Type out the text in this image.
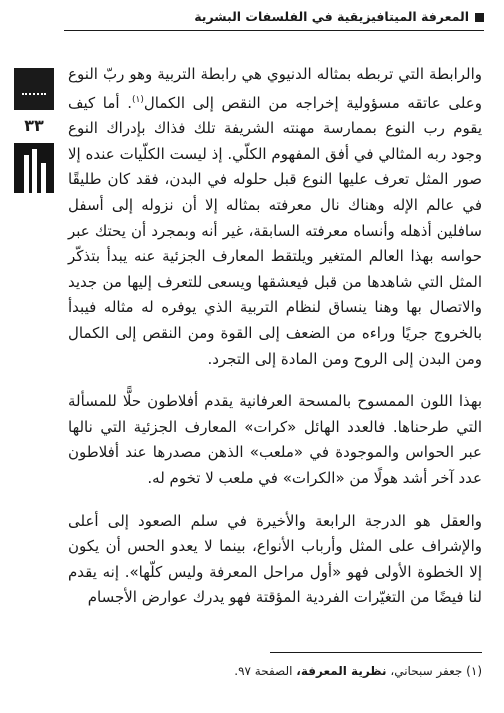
المعرفة الميتافيزيقية في الفلسفات البشرية
٣٣

والرابطة التي تربطه بمثاله الدنيوي هي رابطة التربية وهو ربّ النوع وعلى عاتقه مسؤولية إخراجه من النقص إلى الكمال$^{(١)}$. أما كيف يقوم رب النوع بممارسة مهنته الشريفة تلك فذاك بإدراك النوع وجود ربه المثالي في أفق المفهوم الكلّي. إذ ليست الكلّيات عنده إلا صور المثل تعرف عليها النوع قبل حلوله في البدن، فقد كان طليقًا في عالم الإله وهناك نال معرفته بمثاله إلا أن نزوله إلى أسفل سافلين أذهله وأنساه معرفته السابقة، غير أنه وبمجرد أن يحتك عبر حواسه بهذا العالم المتغير ويلتقط المعارف الجزئية عنه يبدأ بتذكّر المثل التي شاهدها من قبل فيعشقها ويسعى للتعرف إليها من جديد والاتصال بها وهنا ينساق لنظام التربية الذي يوفره له مثاله فيبدأ بالخروج جريًا وراءه من الضعف إلى القوة ومن النقص إلى الكمال ومن البدن إلى الروح ومن المادة إلى التجرد.

بهذا اللون الممسوح بالمسحة العرفانية يقدم أفلاطون حلًّا للمسألة التي طرحناها. فالعدد الهائل «كرات» المعارف الجزئية التي نالها عبر الحواس والموجودة في «ملعب» الذهن مصدرها عند أفلاطون عدد آخر أشد هولًا من «الكرات» في ملعب لا تخوم له.

والعقل هو الدرجة الرابعة والأخيرة في سلم الصعود إلى أعلى والإشراف على المثل وأرباب الأنواع، بينما لا يعدو الحس أن يكون إلا الخطوة الأولى فهو «أول مراحل المعرفة وليس كلّها». إنه يقدم لنا فيضًا من التغيّرات الفردية المؤقتة فهو يدرك عوارض الأجسام

(١) جعفر سبحاني، نظرية المعرفة، الصفحة ٩٧.
